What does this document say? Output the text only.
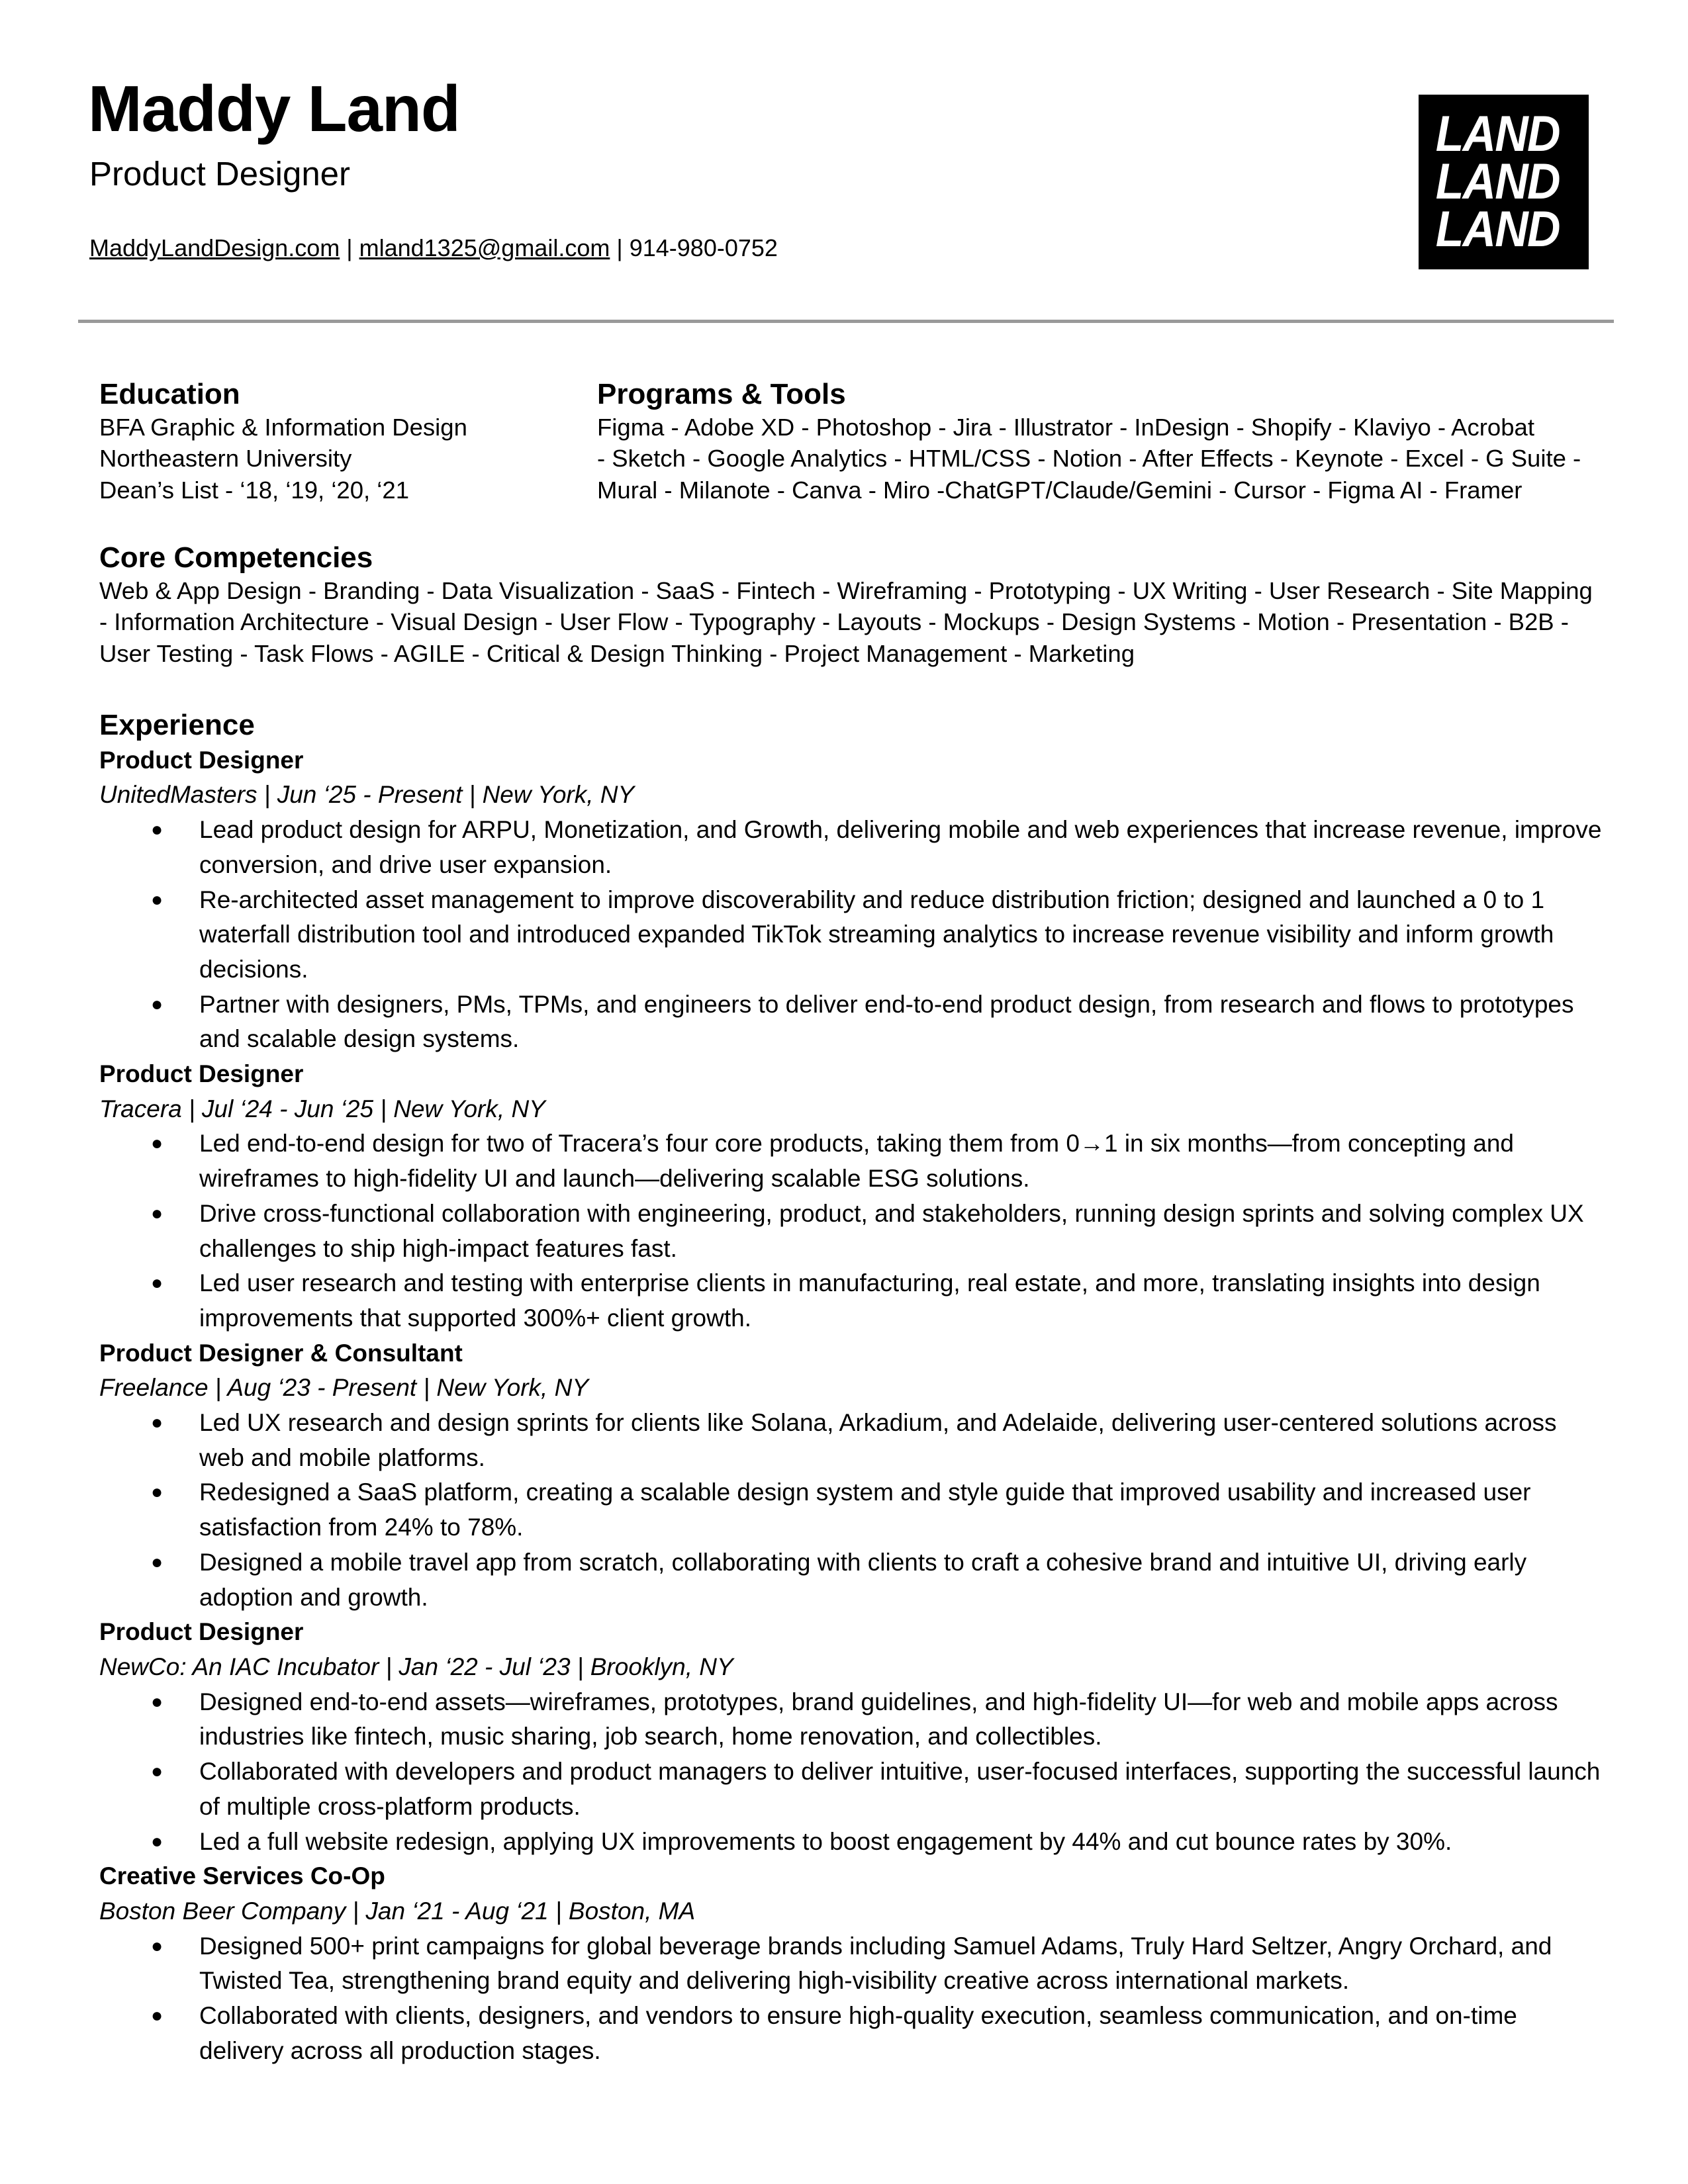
Maddy Land
Product Designer
MaddyLandDesign.com | mland1325@gmail.com | 914-980-0752
LAND
LAND
LAND
Education
BFA Graphic & Information Design
Northeastern University
Dean’s List - ‘18, ‘19, ‘20, ‘21
Programs & Tools
Figma - Adobe XD - Photoshop - Jira - Illustrator - InDesign - Shopify - Klaviyo - Acrobat
- Sketch - Google Analytics - HTML/CSS - Notion - After Effects - Keynote - Excel - G Suite -
Mural - Milanote - Canva - Miro -ChatGPT/Claude/Gemini - Cursor - Figma AI - Framer
Core Competencies
Web & App Design - Branding - Data Visualization - SaaS - Fintech - Wireframing - Prototyping - UX Writing - User Research - Site Mapping
- Information Architecture - Visual Design - User Flow - Typography - Layouts - Mockups - Design Systems - Motion - Presentation - B2B -
User Testing - Task Flows - AGILE - Critical & Design Thinking - Project Management - Marketing
Experience
Product Designer
UnitedMasters | Jun ‘25 - Present | New York, NY
● Lead product design for ARPU, Monetization, and Growth, delivering mobile and web experiences that increase revenue, improve conversion, and drive user expansion.
● Re-architected asset management to improve discoverability and reduce distribution friction; designed and launched a 0 to 1 waterfall distribution tool and introduced expanded TikTok streaming analytics to increase revenue visibility and inform growth decisions.
● Partner with designers, PMs, TPMs, and engineers to deliver end-to-end product design, from research and flows to prototypes and scalable design systems.
Product Designer
Tracera | Jul ‘24 - Jun ‘25 | New York, NY
● Led end-to-end design for two of Tracera’s four core products, taking them from 0→1 in six months—from concepting and wireframes to high-fidelity UI and launch—delivering scalable ESG solutions.
● Drive cross-functional collaboration with engineering, product, and stakeholders, running design sprints and solving complex UX challenges to ship high-impact features fast.
● Led user research and testing with enterprise clients in manufacturing, real estate, and more, translating insights into design improvements that supported 300%+ client growth.
Product Designer & Consultant
Freelance | Aug ‘23 - Present | New York, NY
● Led UX research and design sprints for clients like Solana, Arkadium, and Adelaide, delivering user-centered solutions across web and mobile platforms.
● Redesigned a SaaS platform, creating a scalable design system and style guide that improved usability and increased user satisfaction from 24% to 78%.
● Designed a mobile travel app from scratch, collaborating with clients to craft a cohesive brand and intuitive UI, driving early adoption and growth.
Product Designer
NewCo: An IAC Incubator | Jan ‘22 - Jul ‘23 | Brooklyn, NY
● Designed end-to-end assets—wireframes, prototypes, brand guidelines, and high-fidelity UI—for web and mobile apps across industries like fintech, music sharing, job search, home renovation, and collectibles.
● Collaborated with developers and product managers to deliver intuitive, user-focused interfaces, supporting the successful launch of multiple cross-platform products.
● Led a full website redesign, applying UX improvements to boost engagement by 44% and cut bounce rates by 30%.
Creative Services Co-Op
Boston Beer Company | Jan ‘21 - Aug ‘21 | Boston, MA
● Designed 500+ print campaigns for global beverage brands including Samuel Adams, Truly Hard Seltzer, Angry Orchard, and Twisted Tea, strengthening brand equity and delivering high-visibility creative across international markets.
● Collaborated with clients, designers, and vendors to ensure high-quality execution, seamless communication, and on-time delivery across all production stages.
